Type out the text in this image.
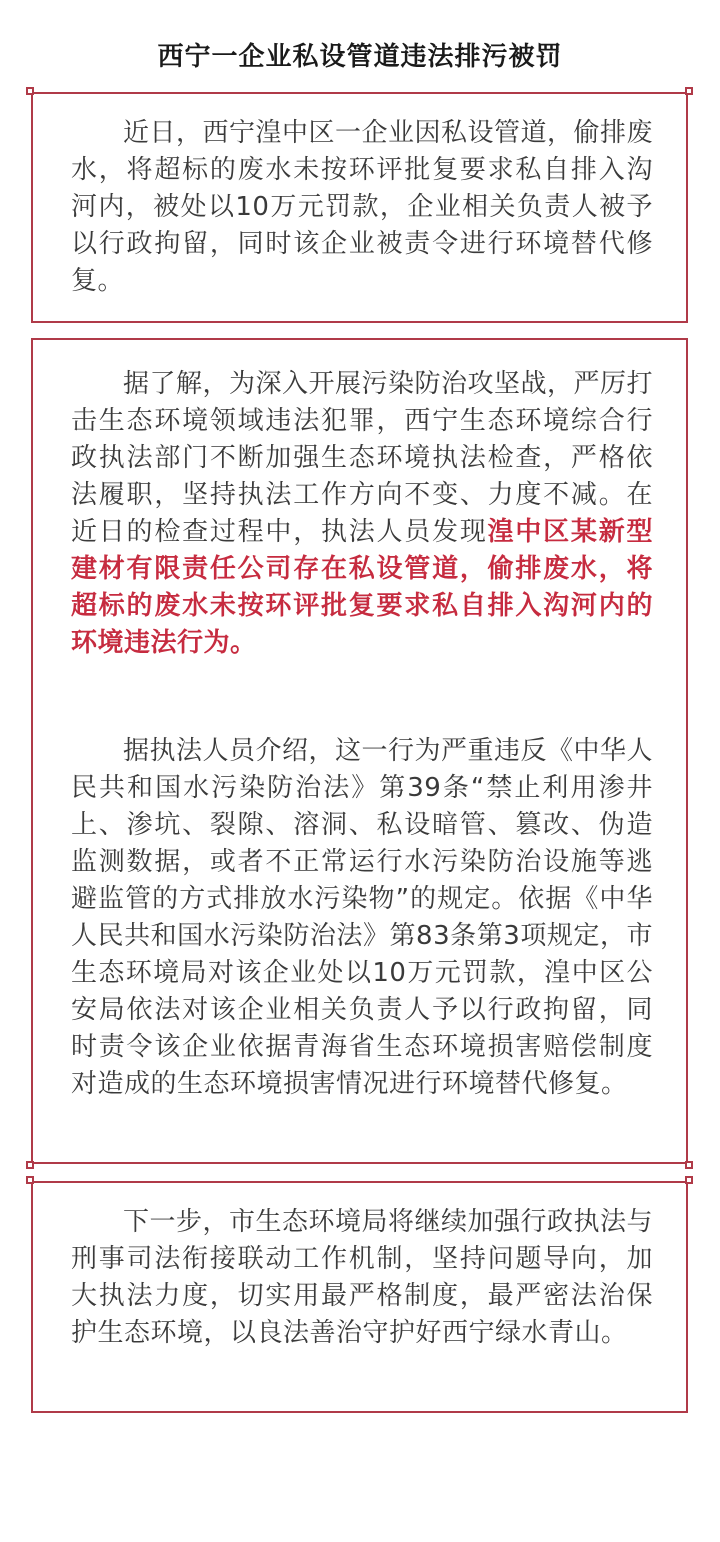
西宁一企业私设管道违法排污被罚
近日，西宁湟中区一企业因私设管道，偷排废水，将超标的废水未按环评批复要求私自排入沟河内，被处以10万元罚款，企业相关负责人被予以行政拘留，同时该企业被责令进行环境替代修复。
据了解，为深入开展污染防治攻坚战，严厉打击生态环境领域违法犯罪，西宁生态环境综合行政执法部门不断加强生态环境执法检查，严格依法履职，坚持执法工作方向不变、力度不减。在近日的检查过程中，执法人员发现湟中区某新型建材有限责任公司存在私设管道，偷排废水，将超标的废水未按环评批复要求私自排入沟河内的环境违法行为。
据执法人员介绍，这一行为严重违反《中华人民共和国水污染防治法》第39条“禁止利用渗井上、渗坑、裂隙、溶洞、私设暗管、篡改、伪造监测数据，或者不正常运行水污染防治设施等逃避监管的方式排放水污染物”的规定。依据《中华人民共和国水污染防治法》第83条第3项规定，市生态环境局对该企业处以10万元罚款，湟中区公安局依法对该企业相关负责人予以行政拘留，同时责令该企业依据青海省生态环境损害赔偿制度对造成的生态环境损害情况进行环境替代修复。
下一步，市生态环境局将继续加强行政执法与刑事司法衔接联动工作机制，坚持问题导向，加大执法力度，切实用最严格制度，最严密法治保护生态环境，以良法善治守护好西宁绿水青山。
